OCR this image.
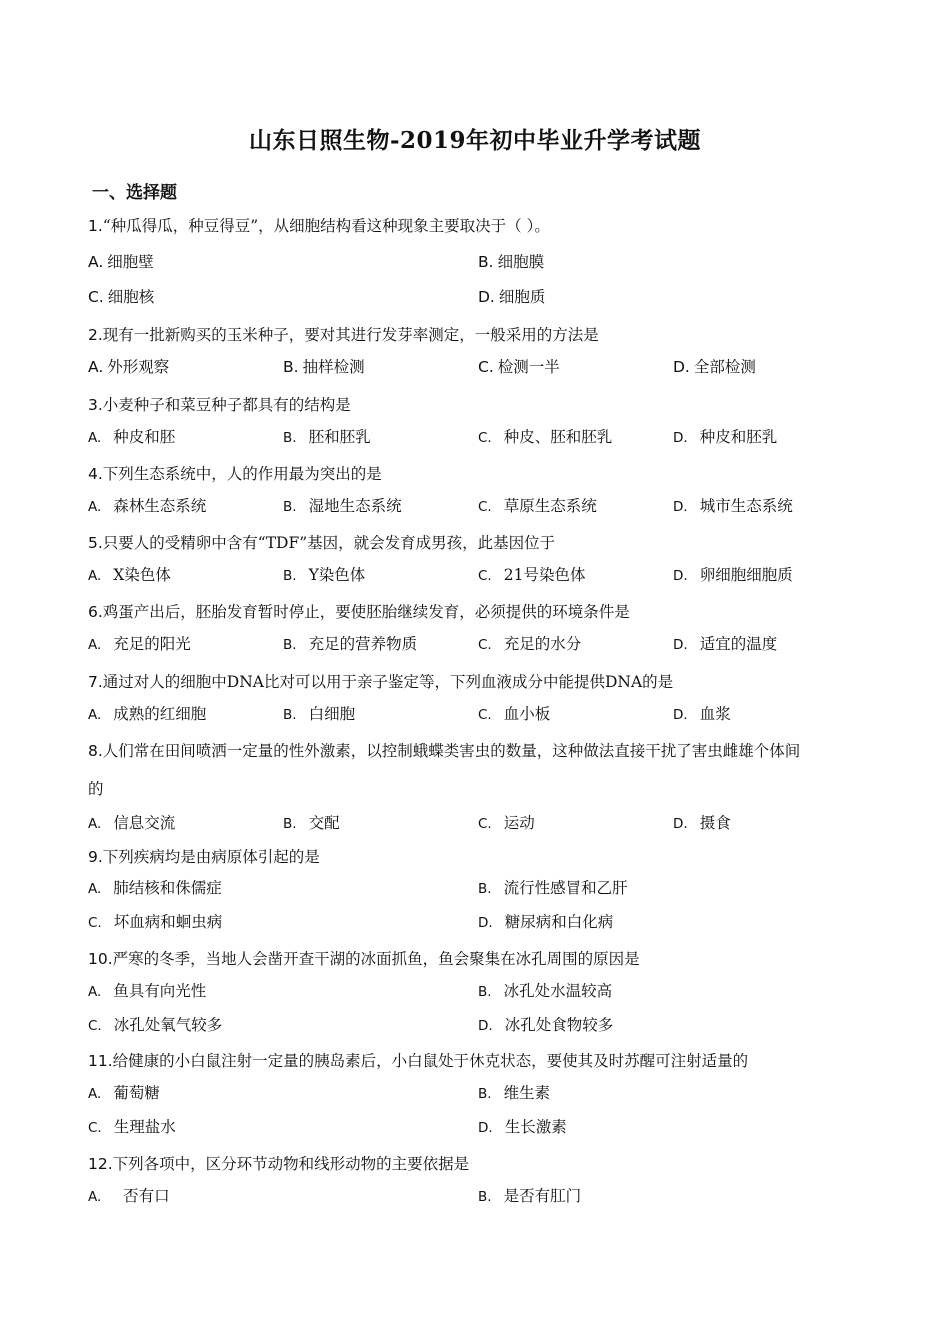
山东日照生物-2019年初中毕业升学考试题
一、选择题
1.“种瓜得瓜，种豆得豆”，从细胞结构看这种现象主要取决于（ ）。
A. 细胞壁	B. 细胞膜
C. 细胞核	D. 细胞质
2.现有一批新购买的玉米种子，要对其进行发芽率测定，一般采用的方法是
A. 外形观察	B. 抽样检测	C. 检测一半	D. 全部检测
3.小麦种子和菜豆种子都具有的结构是
A. 种皮和胚	B. 胚和胚乳	C. 种皮、胚和胚乳	D. 种皮和胚乳
4.下列生态系统中，人的作用最为突出的是
A. 森林生态系统	B. 湿地生态系统	C. 草原生态系统	D. 城市生态系统
5.只要人的受精卵中含有“TDF”基因，就会发育成男孩，此基因位于
A. X染色体	B. Y染色体	C. 21号染色体	D. 卵细胞细胞质
6.鸡蛋产出后，胚胎发育暂时停止，要使胚胎继续发育，必须提供的环境条件是
A. 充足的阳光	B. 充足的营养物质	C. 充足的水分	D. 适宜的温度
7.通过对人的细胞中DNA比对可以用于亲子鉴定等，下列血液成分中能提供DNA的是
A. 成熟的红细胞	B. 白细胞	C. 血小板	D. 血浆
8.人们常在田间喷洒一定量的性外激素，以控制蛾蝶类害虫的数量，这种做法直接干扰了害虫雌雄个体间
的
A. 信息交流	B. 交配	C. 运动	D. 摄食
9.下列疾病均是由病原体引起的是
A. 肺结核和侏儒症	B. 流行性感冒和乙肝
C. 坏血病和蛔虫病	D. 糖尿病和白化病
10.严寒的冬季，当地人会凿开查干湖的冰面抓鱼，鱼会聚集在冰孔周围的原因是
A. 鱼具有向光性	B. 冰孔处水温较高
C. 冰孔处氧气较多	D. 冰孔处食物较多
11.给健康的小白鼠注射一定量的胰岛素后，小白鼠处于休克状态，要使其及时苏醒可注射适量的
A. 葡萄糖	B. 维生素
C. 生理盐水	D. 生长激素
12.下列各项中，区分环节动物和线形动物的主要依据是
A.  否有口	B. 是否有肛门
